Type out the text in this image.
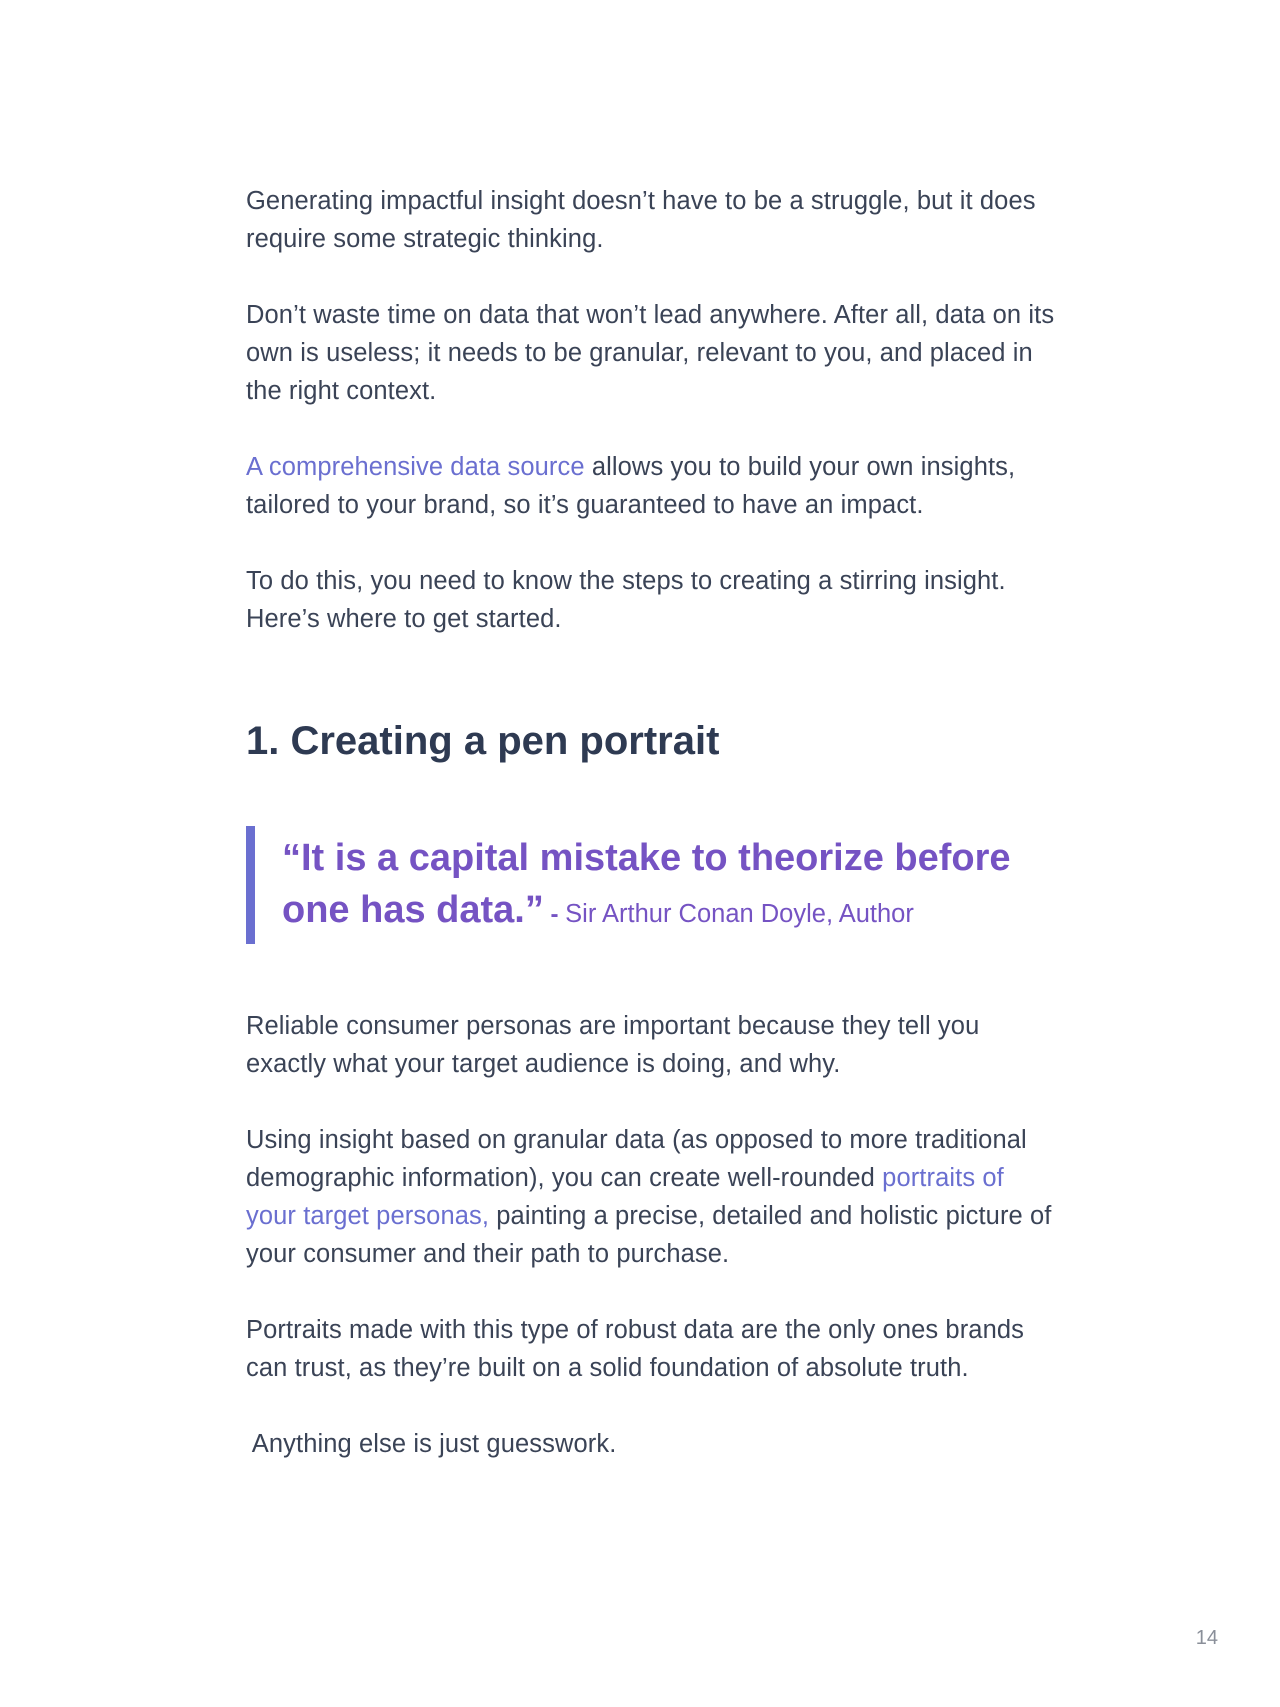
Generating impactful insight doesn’t have to be a struggle, but it does require some strategic thinking.

Don’t waste time on data that won’t lead anywhere. After all, data on its own is useless; it needs to be granular, relevant to you, and placed in the right context.

A comprehensive data source allows you to build your own insights, tailored to your brand, so it’s guaranteed to have an impact.

To do this, you need to know the steps to creating a stirring insight. Here’s where to get started.

1. Creating a pen portrait

“It is a capital mistake to theorize before one has data.” - Sir Arthur Conan Doyle, Author

Reliable consumer personas are important because they tell you exactly what your target audience is doing, and why.

Using insight based on granular data (as opposed to more traditional demographic information), you can create well-rounded portraits of your target personas, painting a precise, detailed and holistic picture of your consumer and their path to purchase.

Portraits made with this type of robust data are the only ones brands can trust, as they’re built on a solid foundation of absolute truth.

Anything else is just guesswork.

14
